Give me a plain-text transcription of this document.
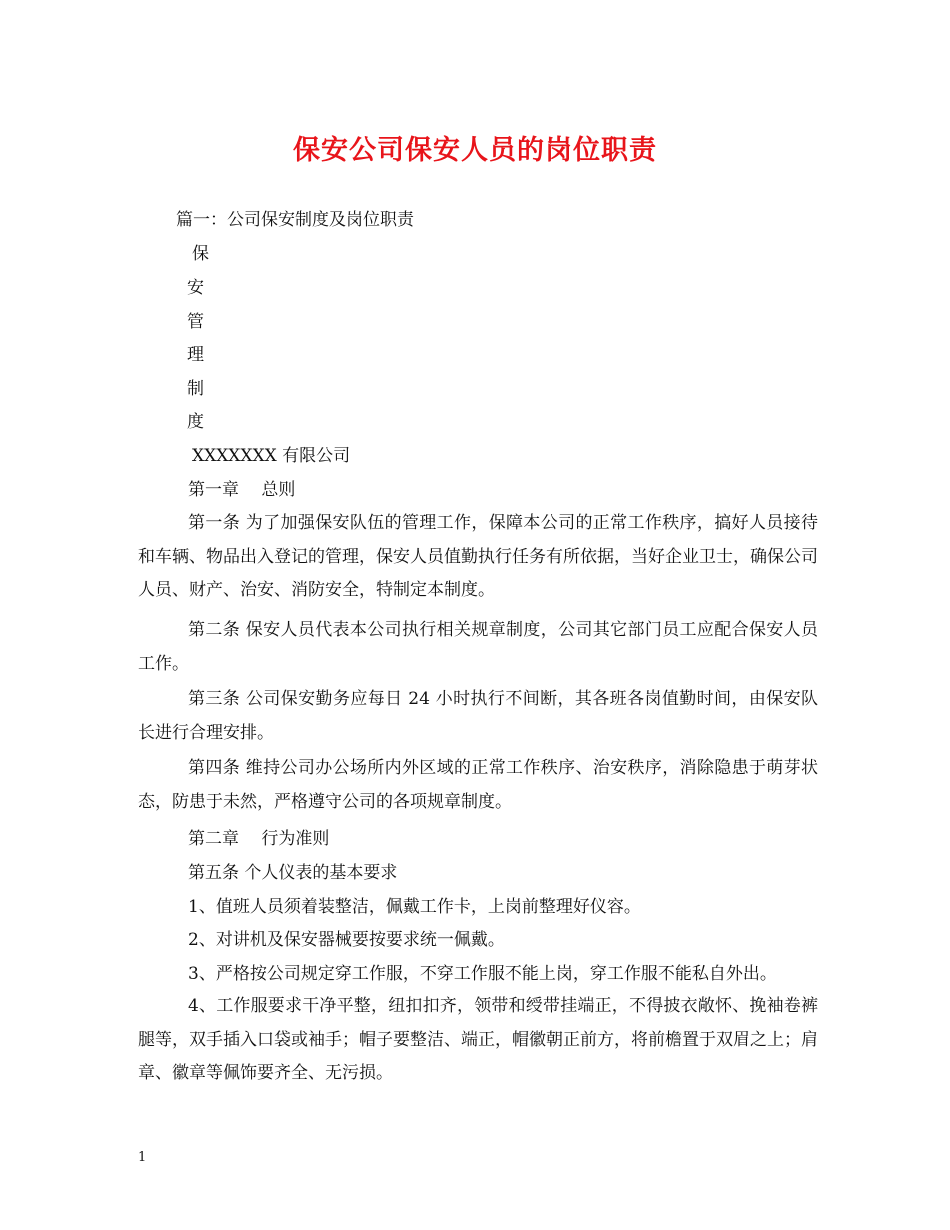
保安公司保安人员的岗位职责
篇一：公司保安制度及岗位职责
保
安
管
理
制
度
XXXXXXX 有限公司
第一章　 总则
第一条 为了加强保安队伍的管理工作，保障本公司的正常工作秩序，搞好人员接待和车辆、物品出入登记的管理，保安人员值勤执行任务有所依据，当好企业卫士，确保公司人员、财产、治安、消防安全，特制定本制度。
第二条 保安人员代表本公司执行相关规章制度，公司其它部门员工应配合保安人员工作。
第三条 公司保安勤务应每日 24 小时执行不间断，其各班各岗值勤时间，由保安队长进行合理安排。
第四条 维持公司办公场所内外区域的正常工作秩序、治安秩序，消除隐患于萌芽状态，防患于未然，严格遵守公司的各项规章制度。
第二章　 行为准则
第五条 个人仪表的基本要求
1、值班人员须着装整洁，佩戴工作卡，上岗前整理好仪容。
2、对讲机及保安器械要按要求统一佩戴。
3、严格按公司规定穿工作服，不穿工作服不能上岗，穿工作服不能私自外出。
4、工作服要求干净平整，纽扣扣齐，领带和绶带挂端正，不得披衣敞怀、挽袖卷裤腿等，双手插入口袋或袖手；帽子要整洁、端正，帽徽朝正前方，将前檐置于双眉之上；肩章、徽章等佩饰要齐全、无污损。
1
